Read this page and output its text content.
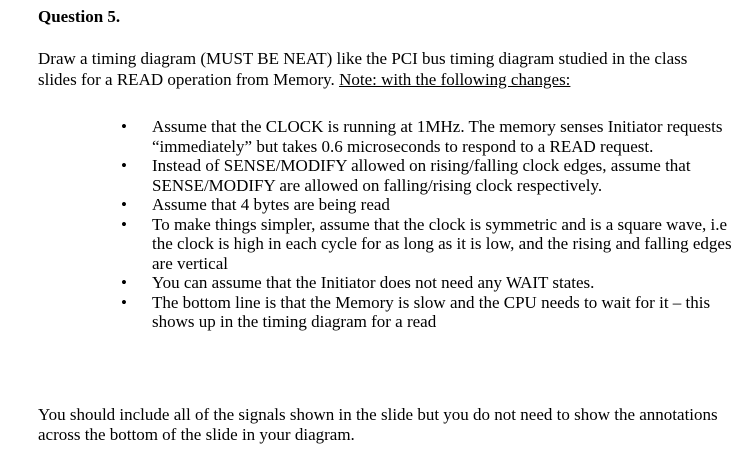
Question 5.
Draw a timing diagram (MUST BE NEAT) like the PCI bus timing diagram studied in the class slides for a READ operation from Memory. Note: with the following changes:
• Assume that the CLOCK is running at 1MHz. The memory senses Initiator requests “immediately” but takes 0.6 microseconds to respond to a READ request.
• Instead of SENSE/MODIFY allowed on rising/falling clock edges, assume that SENSE/MODIFY are allowed on falling/rising clock respectively.
• Assume that 4 bytes are being read
• To make things simpler, assume that the clock is symmetric and is a square wave, i.e the clock is high in each cycle for as long as it is low, and the rising and falling edges are vertical
• You can assume that the Initiator does not need any WAIT states.
• The bottom line is that the Memory is slow and the CPU needs to wait for it – this shows up in the timing diagram for a read
You should include all of the signals shown in the slide but you do not need to show the annotations across the bottom of the slide in your diagram.
